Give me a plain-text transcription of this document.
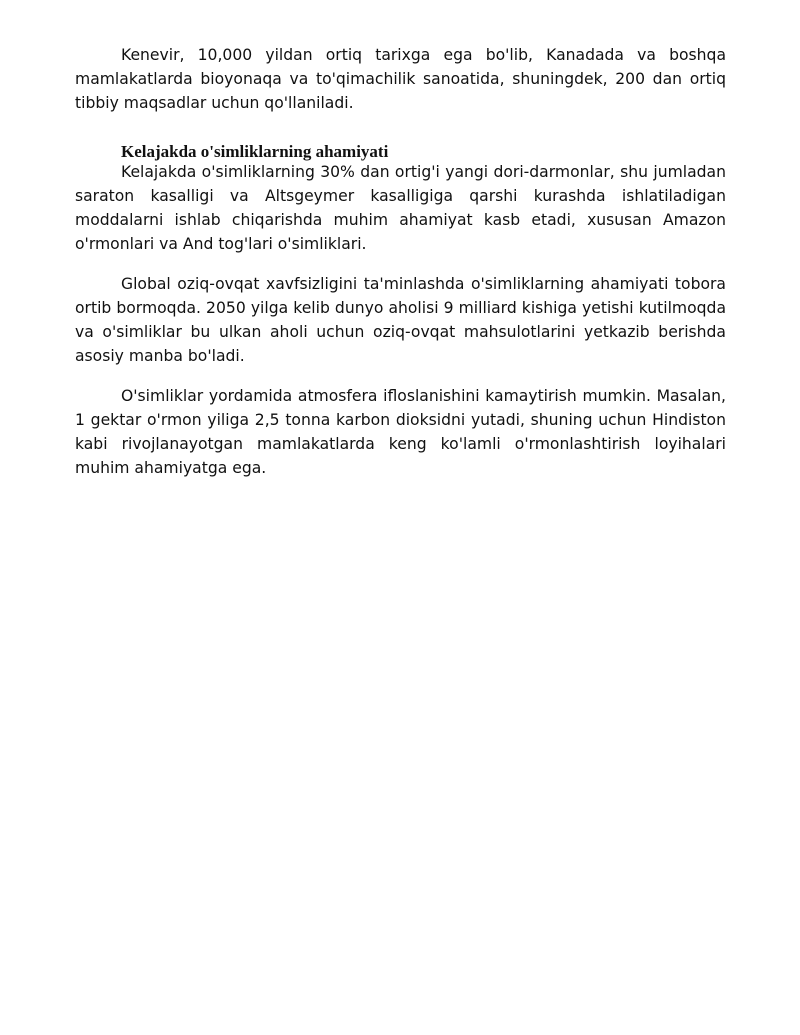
Kenevir, 10,000 yildan ortiq tarixga ega bo'lib, Kanadada va boshqa mamlakatlarda bioyonaqa va to'qimachilik sanoatida, shuningdek, 200 dan ortiq tibbiy maqsadlar uchun qo'llaniladi.

Kelajakda o'simliklarning ahamiyati

Kelajakda o'simliklarning 30% dan ortig'i yangi dori-darmonlar, shu jumladan saraton kasalligi va Altsgeymer kasalligiga qarshi kurashda ishlatiladigan moddalarni ishlab chiqarishda muhim ahamiyat kasb etadi, xususan Amazon o'rmonlari va And tog'lari o'simliklari.

Global oziq-ovqat xavfsizligini ta'minlashda o'simliklarning ahamiyati tobora ortib bormoqda. 2050 yilga kelib dunyo aholisi 9 milliard kishiga yetishi kutilmoqda va o'simliklar bu ulkan aholi uchun oziq-ovqat mahsulotlarini yetkazib berishda asosiy manba bo'ladi.

O'simliklar yordamida atmosfera ifloslanishini kamaytirish mumkin. Masalan, 1 gektar o'rmon yiliga 2,5 tonna karbon dioksidni yutadi, shuning uchun Hindiston kabi rivojlanayotgan mamlakatlarda keng ko'lamli o'rmonlashtirish loyihalari muhim ahamiyatga ega.
